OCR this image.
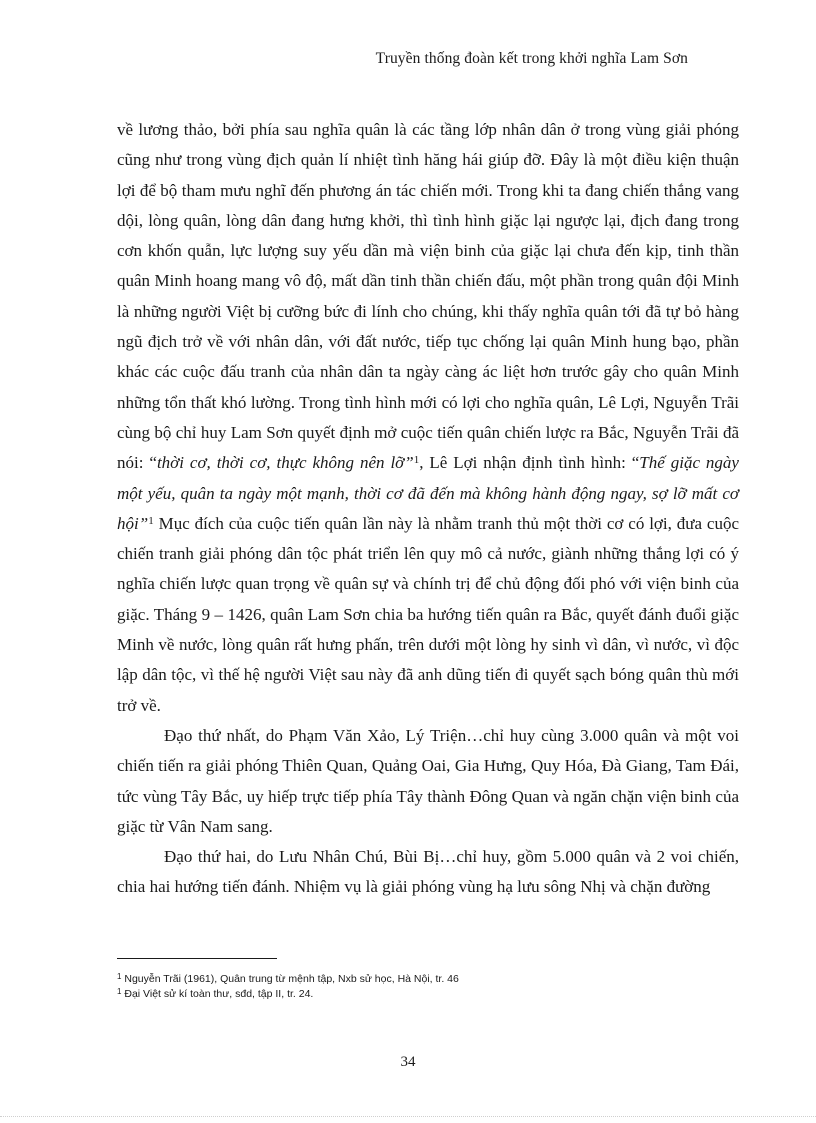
Truyền thống đoàn kết trong khởi nghĩa Lam Sơn

về lương thảo, bởi phía sau nghĩa quân là các tầng lớp nhân dân ở trong vùng giải phóng cũng như trong vùng địch quản lí nhiệt tình hăng hái giúp đỡ. Đây là một điều kiện thuận lợi để bộ tham mưu nghĩ đến phương án tác chiến mới. Trong khi ta đang chiến thắng vang dội, lòng quân, lòng dân đang hưng khởi, thì tình hình giặc lại ngược lại, địch đang trong cơn khốn quẫn, lực lượng suy yếu dần mà viện binh của giặc lại chưa đến kịp, tinh thần quân Minh hoang mang vô độ, mất dần tinh thần chiến đấu, một phần trong quân đội Minh là những người Việt bị cưỡng bức đi lính cho chúng, khi thấy nghĩa quân tới đã tự bỏ hàng ngũ địch trở về với nhân dân, với đất nước, tiếp tục chống lại quân Minh hung bạo, phần khác các cuộc đấu tranh của nhân dân ta ngày càng ác liệt hơn trước gây cho quân Minh những tổn thất khó lường. Trong tình hình mới có lợi cho nghĩa quân, Lê Lợi, Nguyễn Trãi cùng bộ chỉ huy Lam Sơn quyết định mở cuộc tiến quân chiến lược ra Bắc, Nguyễn Trãi đã nói: “thời cơ, thời cơ, thực không nên lỡ”$^1$, Lê Lợi nhận định tình hình: “Thế giặc ngày một yếu, quân ta ngày một mạnh, thời cơ đã đến mà không hành động ngay, sợ lỡ mất cơ hội”$^1$ Mục đích của cuộc tiến quân lần này là nhằm tranh thủ một thời cơ có lợi, đưa cuộc chiến tranh giải phóng dân tộc phát triển lên quy mô cả nước, giành những thắng lợi có ý nghĩa chiến lược quan trọng về quân sự và chính trị để chủ động đối phó với viện binh của giặc. Tháng 9 – 1426, quân Lam Sơn chia ba hướng tiến quân ra Bắc, quyết đánh đuổi giặc Minh về nước, lòng quân rất hưng phấn, trên dưới một lòng hy sinh vì dân, vì nước, vì độc lập dân tộc, vì thế hệ người Việt sau này đã anh dũng tiến đi quyết sạch bóng quân thù mới trở về.

Đạo thứ nhất, do Phạm Văn Xảo, Lý Triện…chỉ huy cùng 3.000 quân và một voi chiến tiến ra giải phóng Thiên Quan, Quảng Oai, Gia Hưng, Quy Hóa, Đà Giang, Tam Đái, tức vùng Tây Bắc, uy hiếp trực tiếp phía Tây thành Đông Quan và ngăn chặn viện binh của giặc từ Vân Nam sang.

Đạo thứ hai, do Lưu Nhân Chú, Bùi Bị…chỉ huy, gồm 5.000 quân và 2 voi chiến, chia hai hướng tiến đánh. Nhiệm vụ là giải phóng vùng hạ lưu sông Nhị và chặn đường

$^1$ Nguyễn Trãi (1961), Quân trung từ mệnh tập, Nxb sử học, Hà Nội, tr. 46
$^1$ Đại Việt sử kí toàn thư, sđd, tập II, tr. 24.
34
